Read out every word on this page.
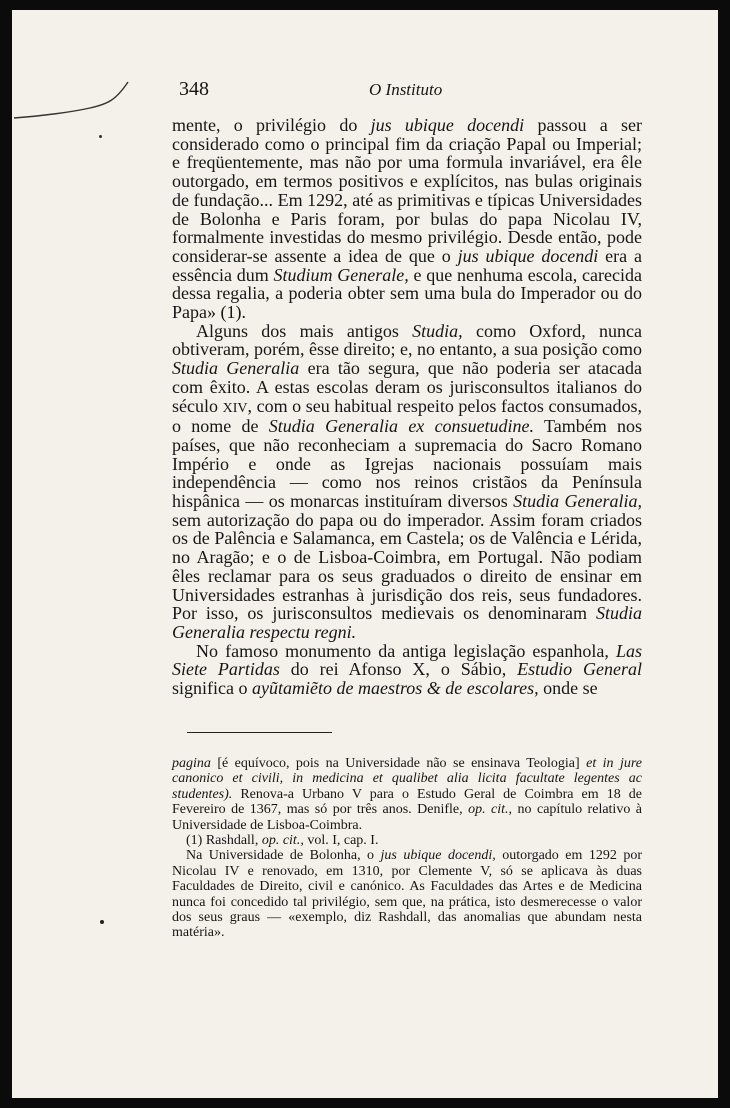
348	O Instituto

mente, o privilégio do jus ubique docendi passou a ser considerado como o principal fim da criação Papal ou Imperial; e freqüentemente, mas não por uma formula invariável, era êle outorgado, em termos positivos e explícitos, nas bulas originais de fundação... Em 1292, até as primitivas e típicas Universidades de Bolonha e Paris foram, por bulas do papa Nicolau IV, formalmente investidas do mesmo privilégio. Desde então, pode considerar-se assente a idea de que o jus ubique docendi era a essência dum Studium Generale, e que nenhuma escola, carecida dessa regalia, a poderia obter sem uma bula do Imperador ou do Papa» (1).

Alguns dos mais antigos Studia, como Oxford, nunca obtiveram, porém, êsse direito; e, no entanto, a sua posição como Studia Generalia era tão segura, que não poderia ser atacada com êxito. A estas escolas deram os jurisconsultos italianos do século XIV, com o seu habitual respeito pelos factos consumados, o nome de Studia Generalia ex consuetudine. Também nos países, que não reconheciam a supremacia do Sacro Romano Império e onde as Igrejas nacionais possuíam mais independência — como nos reinos cristãos da Península hispânica — os monarcas instituíram diversos Studia Generalia, sem autorização do papa ou do imperador. Assim foram criados os de Palência e Salamanca, em Castela; os de Valência e Lérida, no Aragão; e o de Lisboa-Coimbra, em Portugal. Não podiam êles reclamar para os seus graduados o direito de ensinar em Universidades estranhas à jurisdição dos reis, seus fundadores. Por isso, os jurisconsultos medievais os denominaram Studia Generalia respectu regni.

No famoso monumento da antiga legislação espanhola, Las Siete Partidas do rei Afonso X, o Sábio, Estudio General significa o ayũtamiẽto de maestros & de escolares, onde se

pagina [é equívoco, pois na Universidade não se ensinava Teologia] et in jure canonico et civili, in medicina et qualibet alia licita facultate legentes ac studentes). Renova-a Urbano V para o Estudo Geral de Coimbra em 18 de Fevereiro de 1367, mas só por três anos. Denifle, op. cit., no capítulo relativo à Universidade de Lisboa-Coimbra.

(1) Rashdall, op. cit., vol. I, cap. I.

Na Universidade de Bolonha, o jus ubique docendi, outorgado em 1292 por Nicolau IV e renovado, em 1310, por Clemente V, só se aplicava às duas Faculdades de Direito, civil e canónico. As Faculdades das Artes e de Medicina nunca foi concedido tal privilégio, sem que, na prática, isto desmerecesse o valor dos seus graus — «exemplo, diz Rashdall, das anomalias que abundam nesta matéria».
